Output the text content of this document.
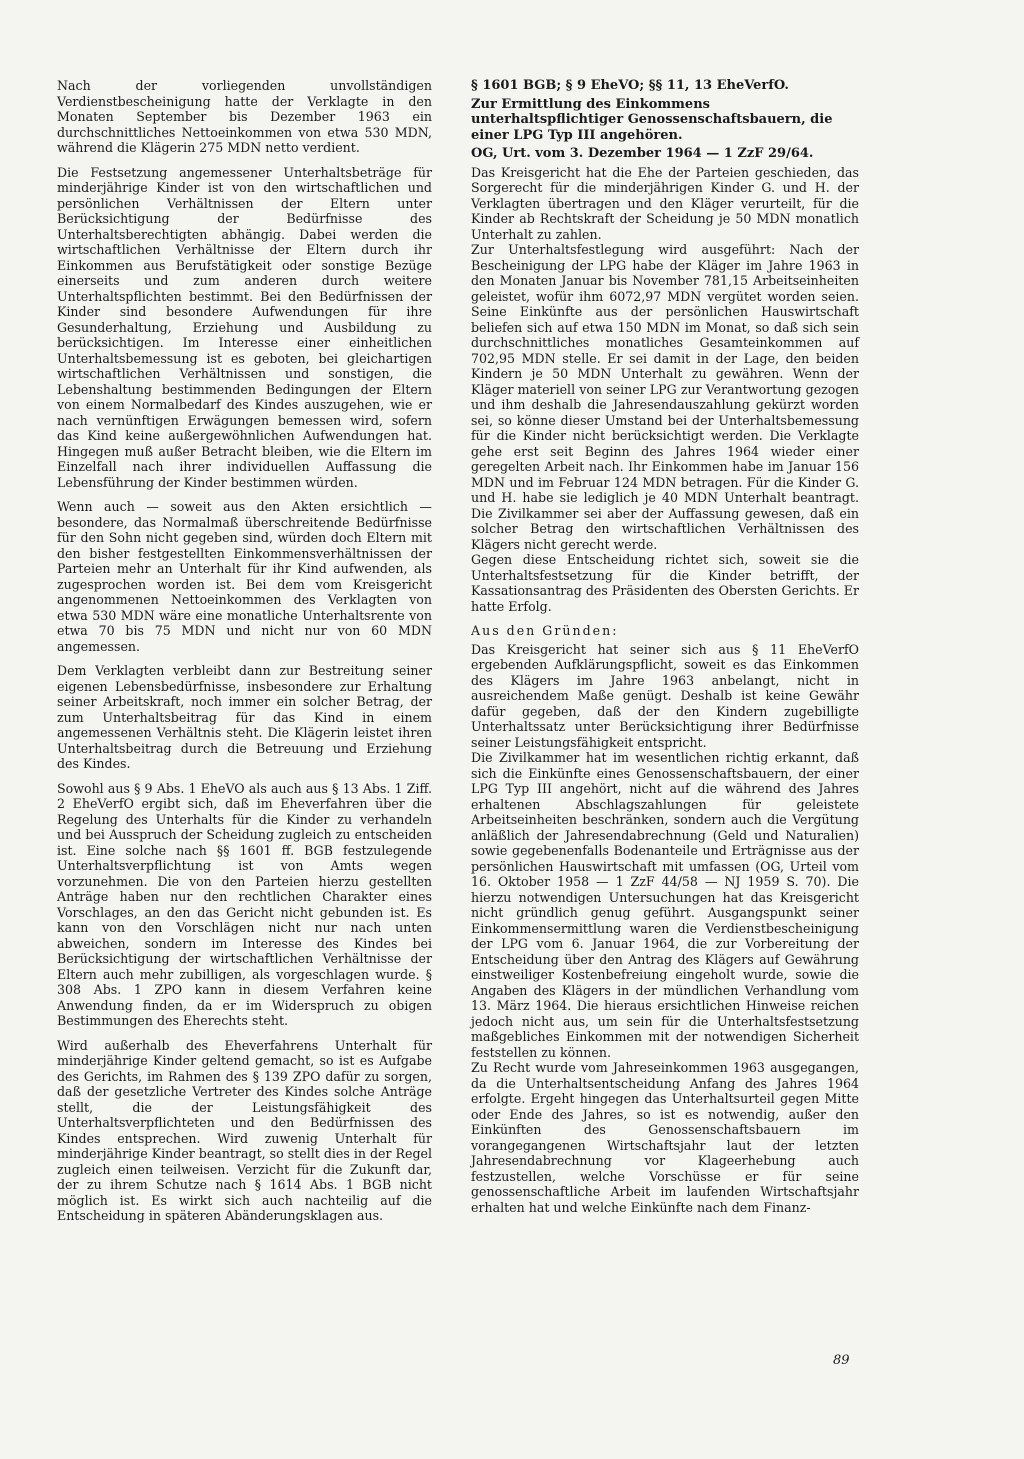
Nach der vorliegenden unvollständigen Verdienstbescheinigung hatte der Verklagte in den Monaten September bis Dezember 1963 ein durchschnittliches Nettoeinkommen von etwa 530 MDN, während die Klägerin 275 MDN netto verdient.

Die Festsetzung angemessener Unterhaltsbeträge für minderjährige Kinder ist von den wirtschaftlichen und persönlichen Verhältnissen der Eltern unter Berücksichtigung der Bedürfnisse des Unterhaltsberechtigten abhängig. Dabei werden die wirtschaftlichen Verhältnisse der Eltern durch ihr Einkommen aus Berufstätigkeit oder sonstige Bezüge einerseits und zum anderen durch weitere Unterhaltspflichten bestimmt. Bei den Bedürfnissen der Kinder sind besondere Aufwendungen für ihre Gesunderhaltung, Erziehung und Ausbildung zu berücksichtigen. Im Interesse einer einheitlichen Unterhaltsbemessung ist es geboten, bei gleichartigen wirtschaftlichen Verhältnissen und sonstigen, die Lebenshaltung bestimmenden Bedingungen der Eltern von einem Normalbedarf des Kindes auszugehen, wie er nach vernünftigen Erwägungen bemessen wird, sofern das Kind keine außergewöhnlichen Aufwendungen hat. Hingegen muß außer Betracht bleiben, wie die Eltern im Einzelfall nach ihrer individuellen Auffassung die Lebensführung der Kinder bestimmen würden.

Wenn auch — soweit aus den Akten ersichtlich — besondere, das Normalmaß überschreitende Bedürfnisse für den Sohn nicht gegeben sind, würden doch Eltern mit den bisher festgestellten Einkommensverhältnissen der Parteien mehr an Unterhalt für ihr Kind aufwenden, als zugesprochen worden ist. Bei dem vom Kreisgericht angenommenen Nettoeinkommen des Verklagten von etwa 530 MDN wäre eine monatliche Unterhaltsrente von etwa 70 bis 75 MDN und nicht nur von 60 MDN angemessen.

Dem Verklagten verbleibt dann zur Bestreitung seiner eigenen Lebensbedürfnisse, insbesondere zur Erhaltung seiner Arbeitskraft, noch immer ein solcher Betrag, der zum Unterhaltsbeitrag für das Kind in einem angemessenen Verhältnis steht. Die Klägerin leistet ihren Unterhaltsbeitrag durch die Betreuung und Erziehung des Kindes.

Sowohl aus § 9 Abs. 1 EheVO als auch aus § 13 Abs. 1 Ziff. 2 EheVerfO ergibt sich, daß im Eheverfahren über die Regelung des Unterhalts für die Kinder zu verhandeln und bei Ausspruch der Scheidung zugleich zu entscheiden ist. Eine solche nach §§ 1601 ff. BGB festzulegende Unterhaltsverpflichtung ist von Amts wegen vorzunehmen. Die von den Parteien hierzu gestellten Anträge haben nur den rechtlichen Charakter eines Vorschlages, an den das Gericht nicht gebunden ist. Es kann von den Vorschlägen nicht nur nach unten abweichen, sondern im Interesse des Kindes bei Berücksichtigung der wirtschaftlichen Verhältnisse der Eltern auch mehr zubilligen, als vorgeschlagen wurde. § 308 Abs. 1 ZPO kann in diesem Verfahren keine Anwendung finden, da er im Widerspruch zu obigen Bestimmungen des Eherechts steht.

Wird außerhalb des Eheverfahrens Unterhalt für minderjährige Kinder geltend gemacht, so ist es Aufgabe des Gerichts, im Rahmen des § 139 ZPO dafür zu sorgen, daß der gesetzliche Vertreter des Kindes solche Anträge stellt, die der Leistungsfähigkeit des Unterhaltsverpflichteten und den Bedürfnissen des Kindes entsprechen. Wird zuwenig Unterhalt für minderjährige Kinder beantragt, so stellt dies in der Regel zugleich einen teilweisen. Verzicht für die Zukunft dar, der zu ihrem Schutze nach § 1614 Abs. 1 BGB nicht möglich ist. Es wirkt sich auch nachteilig auf die Entscheidung in späteren Abänderungsklagen aus.

§ 1601 BGB; § 9 EheVO; §§ 11, 13 EheVerfO.
Zur Ermittlung des Einkommens unterhaltspflichtiger Genossenschaftsbauern, die einer LPG Typ III angehören.
OG, Urt. vom 3. Dezember 1964 — 1 ZzF 29/64.

Das Kreisgericht hat die Ehe der Parteien geschieden, das Sorgerecht für die minderjährigen Kinder G. und H. der Verklagten übertragen und den Kläger verurteilt, für die Kinder ab Rechtskraft der Scheidung je 50 MDN monatlich Unterhalt zu zahlen.

Zur Unterhaltsfestlegung wird ausgeführt: Nach der Bescheinigung der LPG habe der Kläger im Jahre 1963 in den Monaten Januar bis November 781,15 Arbeitseinheiten geleistet, wofür ihm 6072,97 MDN vergütet worden seien. Seine Einkünfte aus der persönlichen Hauswirtschaft beliefen sich auf etwa 150 MDN im Monat, so daß sich sein durchschnittliches monatliches Gesamteinkommen auf 702,95 MDN stelle. Er sei damit in der Lage, den beiden Kindern je 50 MDN Unterhalt zu gewähren. Wenn der Kläger materiell von seiner LPG zur Verantwortung gezogen und ihm deshalb die Jahresendauszahlung gekürzt worden sei, so könne dieser Umstand bei der Unterhaltsbemessung für die Kinder nicht berücksichtigt werden. Die Verklagte gehe erst seit Beginn des Jahres 1964 wieder einer geregelten Arbeit nach. Ihr Einkommen habe im Januar 156 MDN und im Februar 124 MDN betragen. Für die Kinder G. und H. habe sie lediglich je 40 MDN Unterhalt beantragt. Die Zivilkammer sei aber der Auffassung gewesen, daß ein solcher Betrag den wirtschaftlichen Verhältnissen des Klägers nicht gerecht werde.

Gegen diese Entscheidung richtet sich, soweit sie die Unterhaltsfestsetzung für die Kinder betrifft, der Kassationsantrag des Präsidenten des Obersten Gerichts. Er hatte Erfolg.

Aus den Gründen:

Das Kreisgericht hat seiner sich aus § 11 EheVerfO ergebenden Aufklärungspflicht, soweit es das Einkommen des Klägers im Jahre 1963 anbelangt, nicht in ausreichendem Maße genügt. Deshalb ist keine Gewähr dafür gegeben, daß der den Kindern zugebilligte Unterhaltssatz unter Berücksichtigung ihrer Bedürfnisse seiner Leistungsfähigkeit entspricht.

Die Zivilkammer hat im wesentlichen richtig erkannt, daß sich die Einkünfte eines Genossenschaftsbauern, der einer LPG Typ III angehört, nicht auf die während des Jahres erhaltenen Abschlagszahlungen für geleistete Arbeitseinheiten beschränken, sondern auch die Vergütung anläßlich der Jahresendabrechnung (Geld und Naturalien) sowie gegebenenfalls Bodenanteile und Erträgnisse aus der persönlichen Hauswirtschaft mit umfassen (OG, Urteil vom 16. Oktober 1958 — 1 ZzF 44/58 — NJ 1959 S. 70). Die hierzu notwendigen Untersuchungen hat das Kreisgericht nicht gründlich genug geführt. Ausgangspunkt seiner Einkommensermittlung waren die Verdienstbescheinigung der LPG vom 6. Januar 1964, die zur Vorbereitung der Entscheidung über den Antrag des Klägers auf Gewährung einstweiliger Kostenbefreiung eingeholt wurde, sowie die Angaben des Klägers in der mündlichen Verhandlung vom 13. März 1964. Die hieraus ersichtlichen Hinweise reichen jedoch nicht aus, um sein für die Unterhaltsfestsetzung maßgebliches Einkommen mit der notwendigen Sicherheit feststellen zu können.

Zu Recht wurde vom Jahreseinkommen 1963 ausgegangen, da die Unterhaltsentscheidung Anfang des Jahres 1964 erfolgte. Ergeht hingegen das Unterhaltsurteil gegen Mitte oder Ende des Jahres, so ist es notwendig, außer den Einkünften des Genossenschaftsbauern im vorangegangenen Wirtschaftsjahr laut der letzten Jahresendabrechnung vor Klageerhebung auch festzustellen, welche Vorschüsse er für seine genossenschaftliche Arbeit im laufenden Wirtschaftsjahr erhalten hat und welche Einkünfte nach dem Finanz-

89
